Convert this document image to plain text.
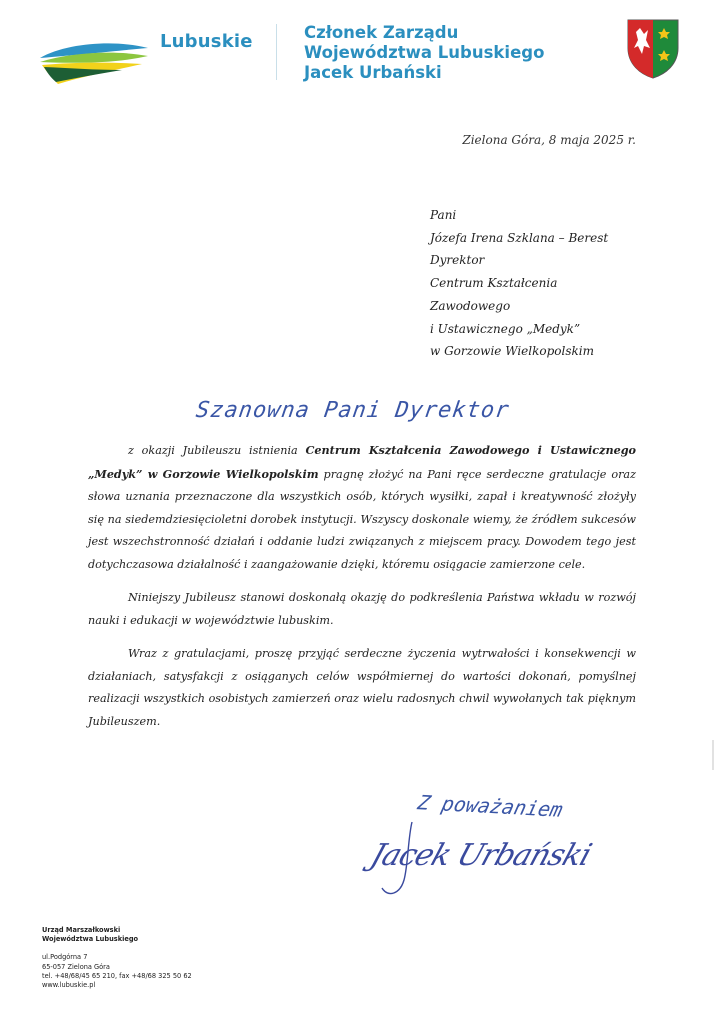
Lubuskie	Członek Zarządu
Województwa Lubuskiego
Jacek Urbański
Zielona Góra, 8 maja 2025 r.
Pani
Józefa Irena Szklana – Berest
Dyrektor
Centrum Kształcenia
Zawodowego
i Ustawicznego „Medyk”
w Gorzowie Wielkopolskim
Szanowna Pani Dyrektor

z okazji Jubileuszu istnienia Centrum Kształcenia Zawodowego i Ustawicznego „Medyk” w Gorzowie Wielkopolskim pragnę złożyć na Pani ręce serdeczne gratulacje oraz słowa uznania przeznaczone dla wszystkich osób, których wysiłki, zapał i kreatywność złożyły się na siedemdziesięcioletni dorobek instytucji. Wszyscy doskonale wiemy, że źródłem sukcesów jest wszechstronność działań i oddanie ludzi związanych z miejscem pracy. Dowodem tego jest dotychczasowa działalność i zaangażowanie dzięki, któremu osiągacie zamierzone cele.

Niniejszy Jubileusz stanowi doskonałą okazję do podkreślenia Państwa wkładu w rozwój nauki i edukacji w województwie lubuskim.

Wraz z gratulacjami, proszę przyjąć serdeczne życzenia wytrwałości i konsekwencji w działaniach, satysfakcji z osiąganych celów współmiernej do wartości dokonań, pomyślnej realizacji wszystkich osobistych zamierzeń oraz wielu radosnych chwil wywołanych tak pięknym Jubileuszem.

Z poważaniem
Jacek Urbański
Urząd Marszałkowski
Województwa Lubuskiego
ul.Podgórna 7
65-057 Zielona Góra
tel. +48/68/45 65 210, fax +48/68 325 50 62
www.lubuskie.pl
